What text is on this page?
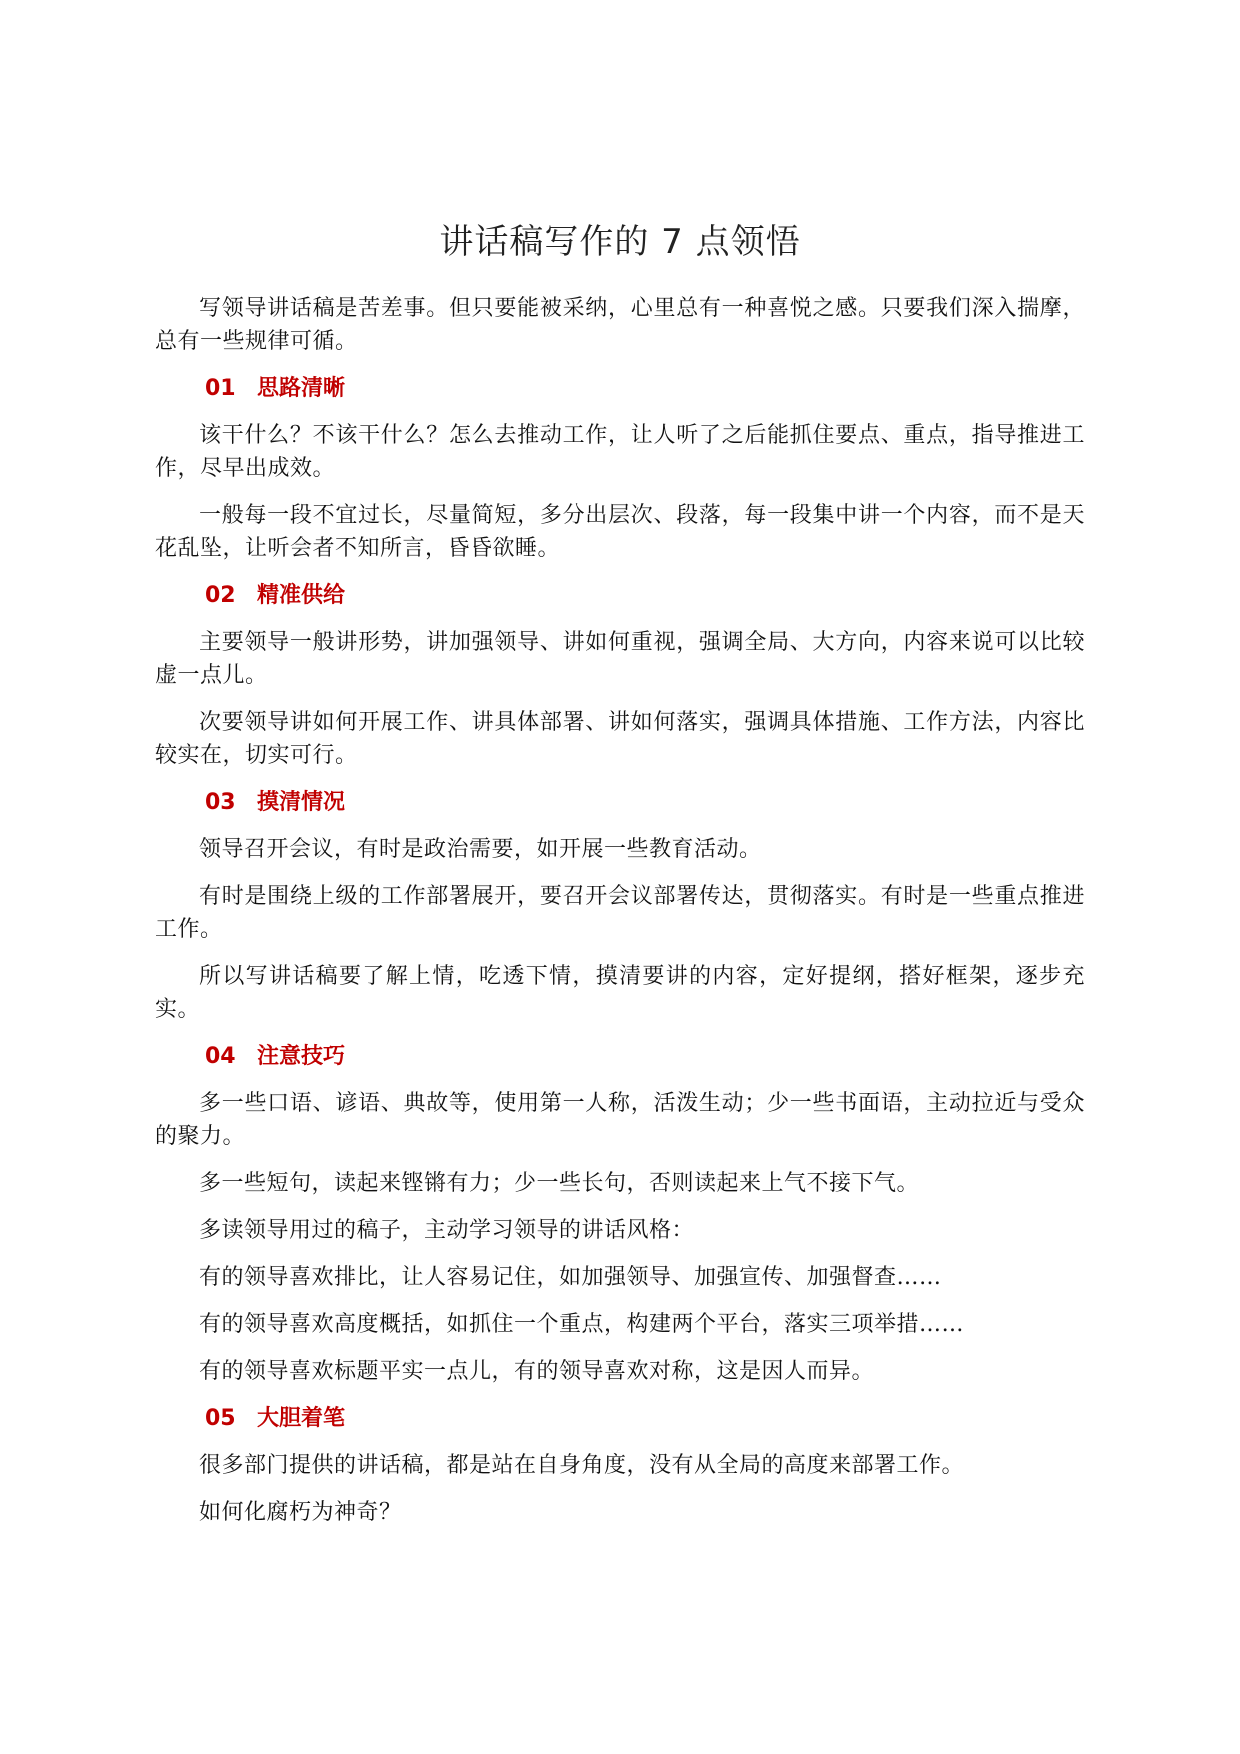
讲话稿写作的 7 点领悟

写领导讲话稿是苦差事。但只要能被采纳，心里总有一种喜悦之感。只要我们深入揣摩，总有一些规律可循。

01 思路清晰

该干什么？不该干什么？怎么去推动工作，让人听了之后能抓住要点、重点，指导推进工作，尽早出成效。

一般每一段不宜过长，尽量简短，多分出层次、段落，每一段集中讲一个内容，而不是天花乱坠，让听会者不知所言，昏昏欲睡。

02 精准供给

主要领导一般讲形势，讲加强领导、讲如何重视，强调全局、大方向，内容来说可以比较虚一点儿。

次要领导讲如何开展工作、讲具体部署、讲如何落实，强调具体措施、工作方法，内容比较实在，切实可行。

03 摸清情况

领导召开会议，有时是政治需要，如开展一些教育活动。

有时是围绕上级的工作部署展开，要召开会议部署传达，贯彻落实。有时是一些重点推进工作。

所以写讲话稿要了解上情，吃透下情，摸清要讲的内容，定好提纲，搭好框架，逐步充实。

04 注意技巧

多一些口语、谚语、典故等，使用第一人称，活泼生动；少一些书面语，主动拉近与受众的聚力。

多一些短句，读起来铿锵有力；少一些长句，否则读起来上气不接下气。

多读领导用过的稿子，主动学习领导的讲话风格：

有的领导喜欢排比，让人容易记住，如加强领导、加强宣传、加强督查……

有的领导喜欢高度概括，如抓住一个重点，构建两个平台，落实三项举措……

有的领导喜欢标题平实一点儿，有的领导喜欢对称，这是因人而异。

05 大胆着笔

很多部门提供的讲话稿，都是站在自身角度，没有从全局的高度来部署工作。

如何化腐朽为神奇？
